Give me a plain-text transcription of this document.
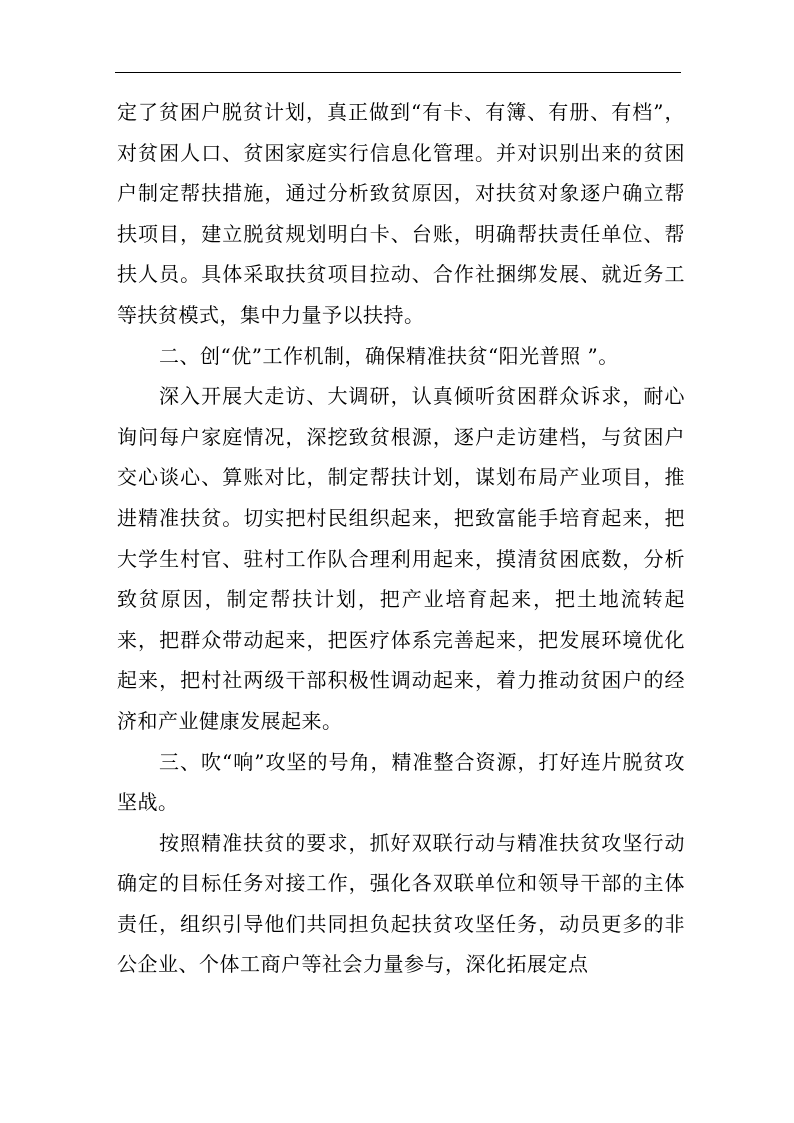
定了贫困户脱贫计划，真正做到“有卡、有簿、有册、有档”，对贫困人口、贫困家庭实行信息化管理。并对识别出来的贫困户制定帮扶措施，通过分析致贫原因，对扶贫对象逐户确立帮扶项目，建立脱贫规划明白卡、台账，明确帮扶责任单位、帮扶人员。具体采取扶贫项目拉动、合作社捆绑发展、就近务工等扶贫模式，集中力量予以扶持。

二、创“优”工作机制，确保精准扶贫“阳光普照 ”。

深入开展大走访、大调研，认真倾听贫困群众诉求，耐心询问每户家庭情况，深挖致贫根源，逐户走访建档，与贫困户交心谈心、算账对比，制定帮扶计划，谋划布局产业项目，推进精准扶贫。切实把村民组织起来，把致富能手培育起来，把大学生村官、驻村工作队合理利用起来，摸清贫困底数，分析致贫原因，制定帮扶计划，把产业培育起来，把土地流转起来，把群众带动起来，把医疗体系完善起来，把发展环境优化起来，把村社两级干部积极性调动起来，着力推动贫困户的经济和产业健康发展起来。

三、吹“响”攻坚的号角，精准整合资源，打好连片脱贫攻坚战。

按照精准扶贫的要求，抓好双联行动与精准扶贫攻坚行动确定的目标任务对接工作，强化各双联单位和领导干部的主体责任，组织引导他们共同担负起扶贫攻坚任务，动员更多的非公企业、个体工商户等社会力量参与，深化拓展定点
